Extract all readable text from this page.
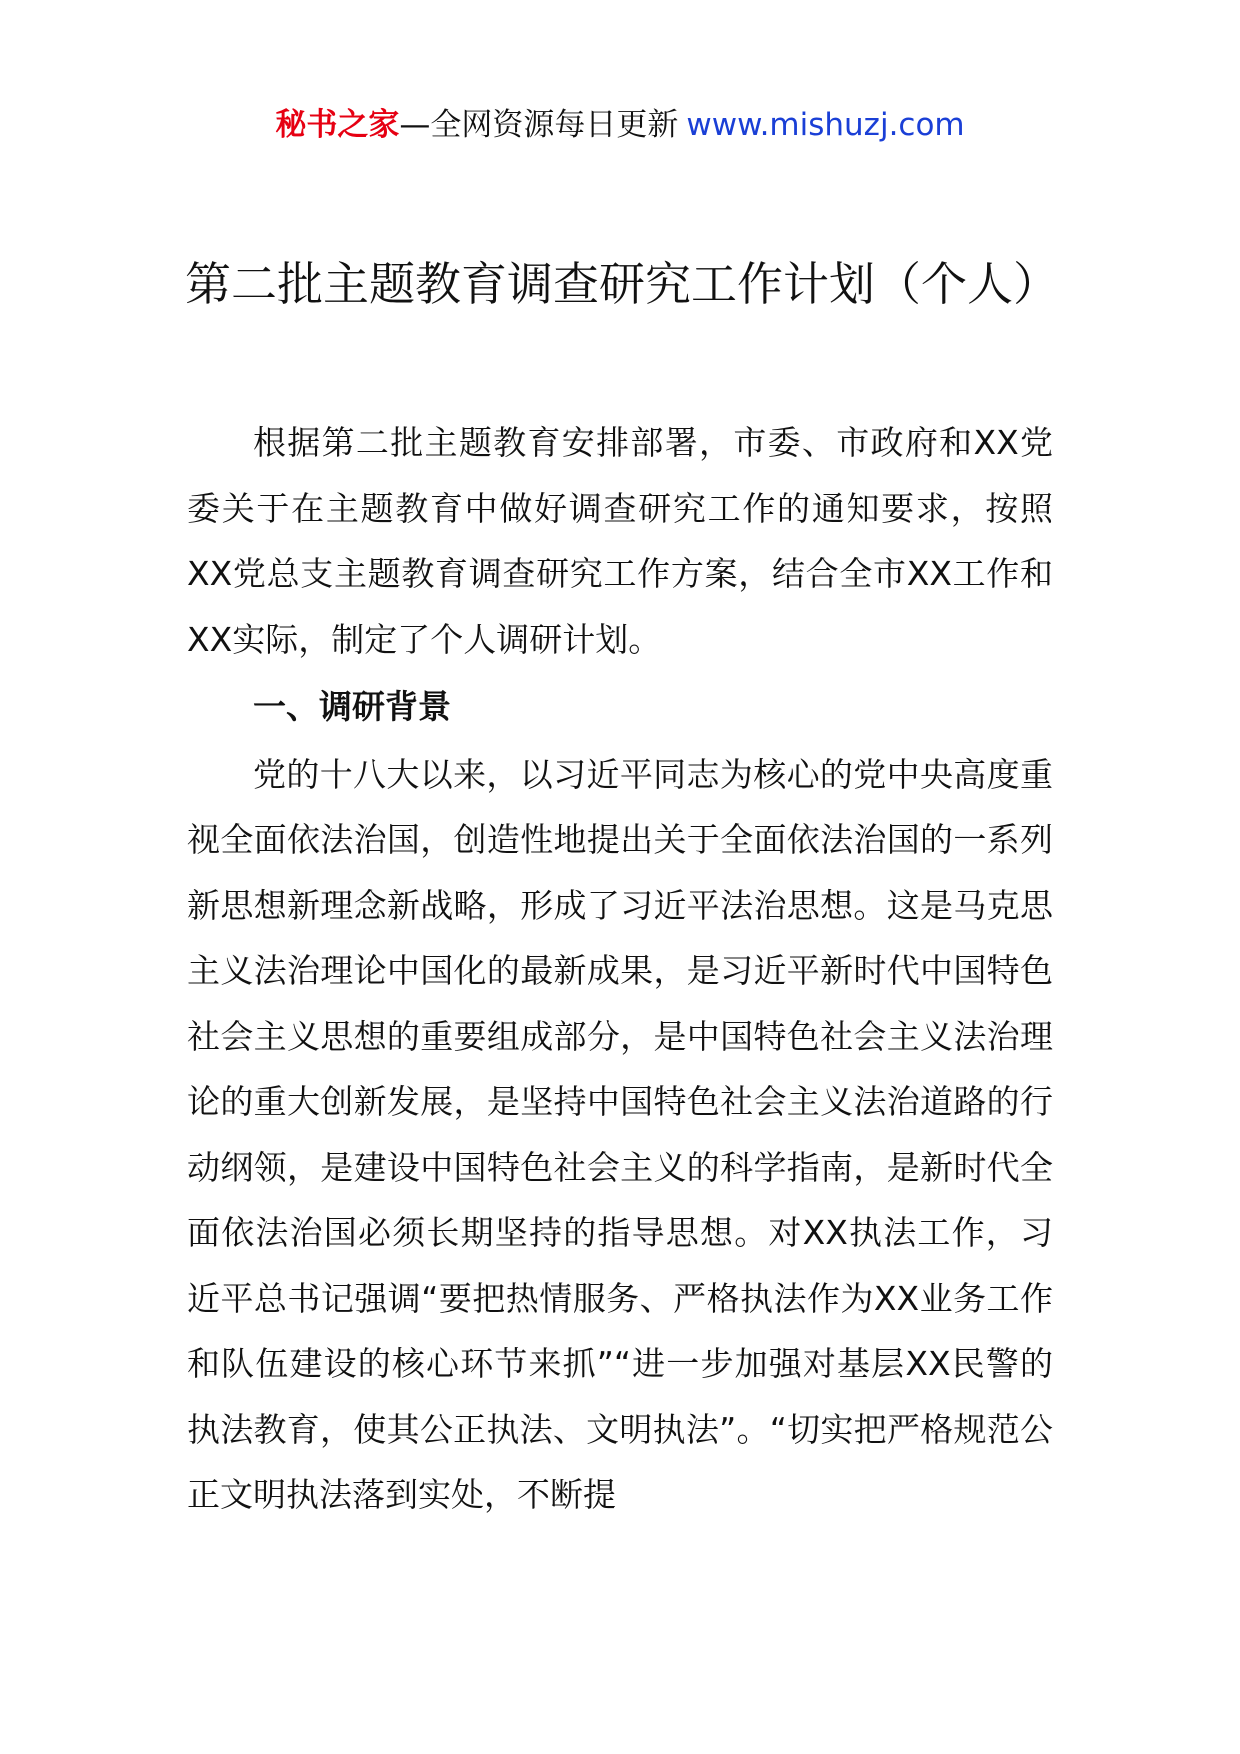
秘书之家—全网资源每日更新 www.mishuzj.com
第二批主题教育调查研究工作计划（个人）

根据第二批主题教育安排部署，市委、市政府和XX党委关于在主题教育中做好调查研究工作的通知要求，按照XX党总支主题教育调查研究工作方案，结合全市XX工作和XX实际，制定了个人调研计划。

一、调研背景

党的十八大以来，以习近平同志为核心的党中央高度重视全面依法治国，创造性地提出关于全面依法治国的一系列新思想新理念新战略，形成了习近平法治思想。这是马克思主义法治理论中国化的最新成果，是习近平新时代中国特色社会主义思想的重要组成部分，是中国特色社会主义法治理论的重大创新发展，是坚持中国特色社会主义法治道路的行动纲领，是建设中国特色社会主义的科学指南，是新时代全面依法治国必须长期坚持的指导思想。对XX执法工作，习近平总书记强调“要把热情服务、严格执法作为XX业务工作和队伍建设的核心环节来抓”“进一步加强对基层XX民警的执法教育，使其公正执法、文明执法”。“切实把严格规范公正文明执法落到实处，不断提
